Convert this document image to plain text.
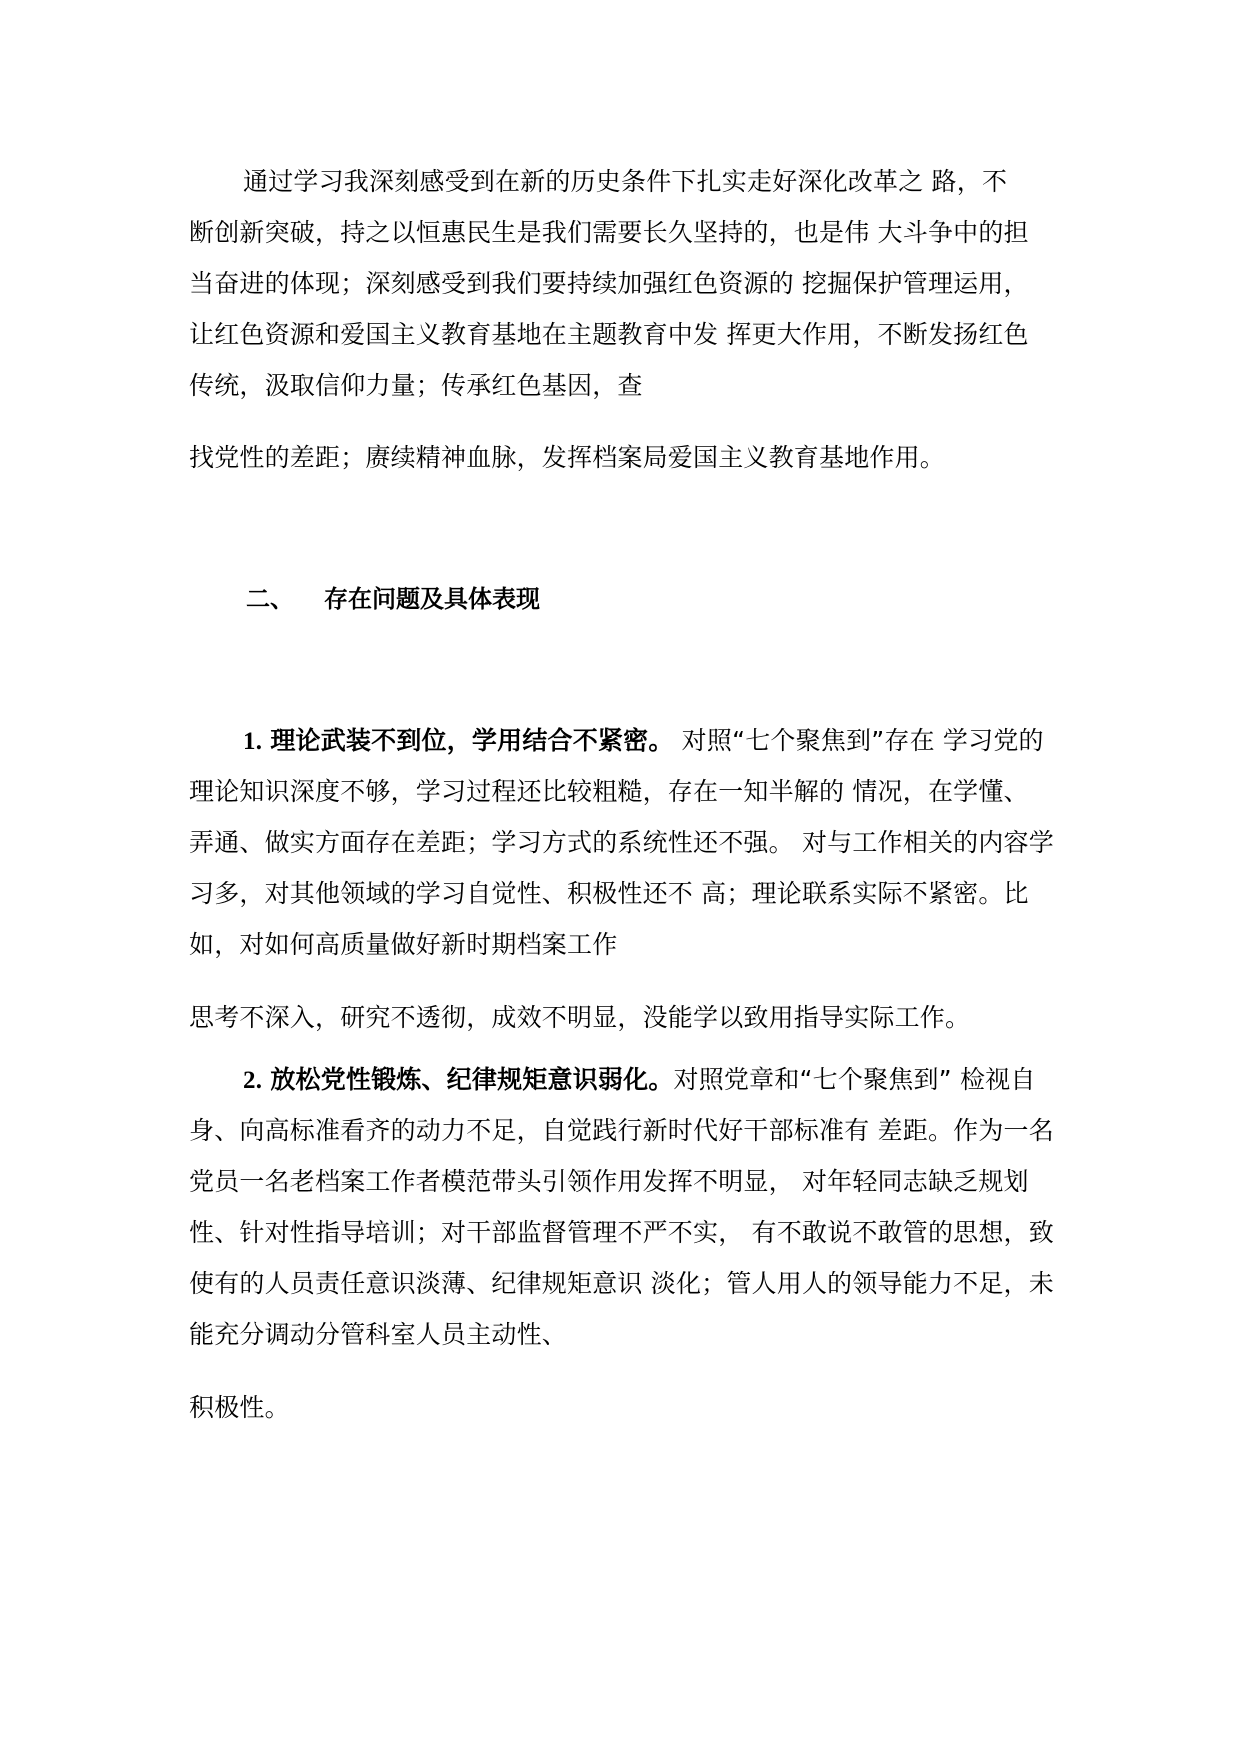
通过学习我深刻感受到在新的历史条件下扎实走好深化改革之 路，不
断创新突破，持之以恒惠民生是我们需要长久坚持的，也是伟 大斗争中的担
当奋进的体现；深刻感受到我们要持续加强红色资源的 挖掘保护管理运用，
让红色资源和爱国主义教育基地在主题教育中发 挥更大作用，不断发扬红色
传统，汲取信仰力量；传承红色基因，查
找党性的差距；赓续精神血脉，发挥档案局爱国主义教育基地作用。
二、 存在问题及具体表现
1. 理论武装不到位，学用结合不紧密。 对照“七个聚焦到”存在 学习党的
理论知识深度不够，学习过程还比较粗糙，存在一知半解的 情况，在学懂、
弄通、做实方面存在差距；学习方式的系统性还不强。 对与工作相关的内容学
习多，对其他领域的学习自觉性、积极性还不 高；理论联系实际不紧密。比
如，对如何高质量做好新时期档案工作
思考不深入，研究不透彻，成效不明显，没能学以致用指导实际工作。
2. 放松党性锻炼、纪律规矩意识弱化。对照党章和“七个聚焦到” 检视自
身、向高标准看齐的动力不足，自觉践行新时代好干部标准有 差距。作为一名
党员一名老档案工作者模范带头引领作用发挥不明显， 对年轻同志缺乏规划
性、针对性指导培训；对干部监督管理不严不实， 有不敢说不敢管的思想，致
使有的人员责任意识淡薄、纪律规矩意识 淡化；管人用人的领导能力不足，未
能充分调动分管科室人员主动性、
积极性。
